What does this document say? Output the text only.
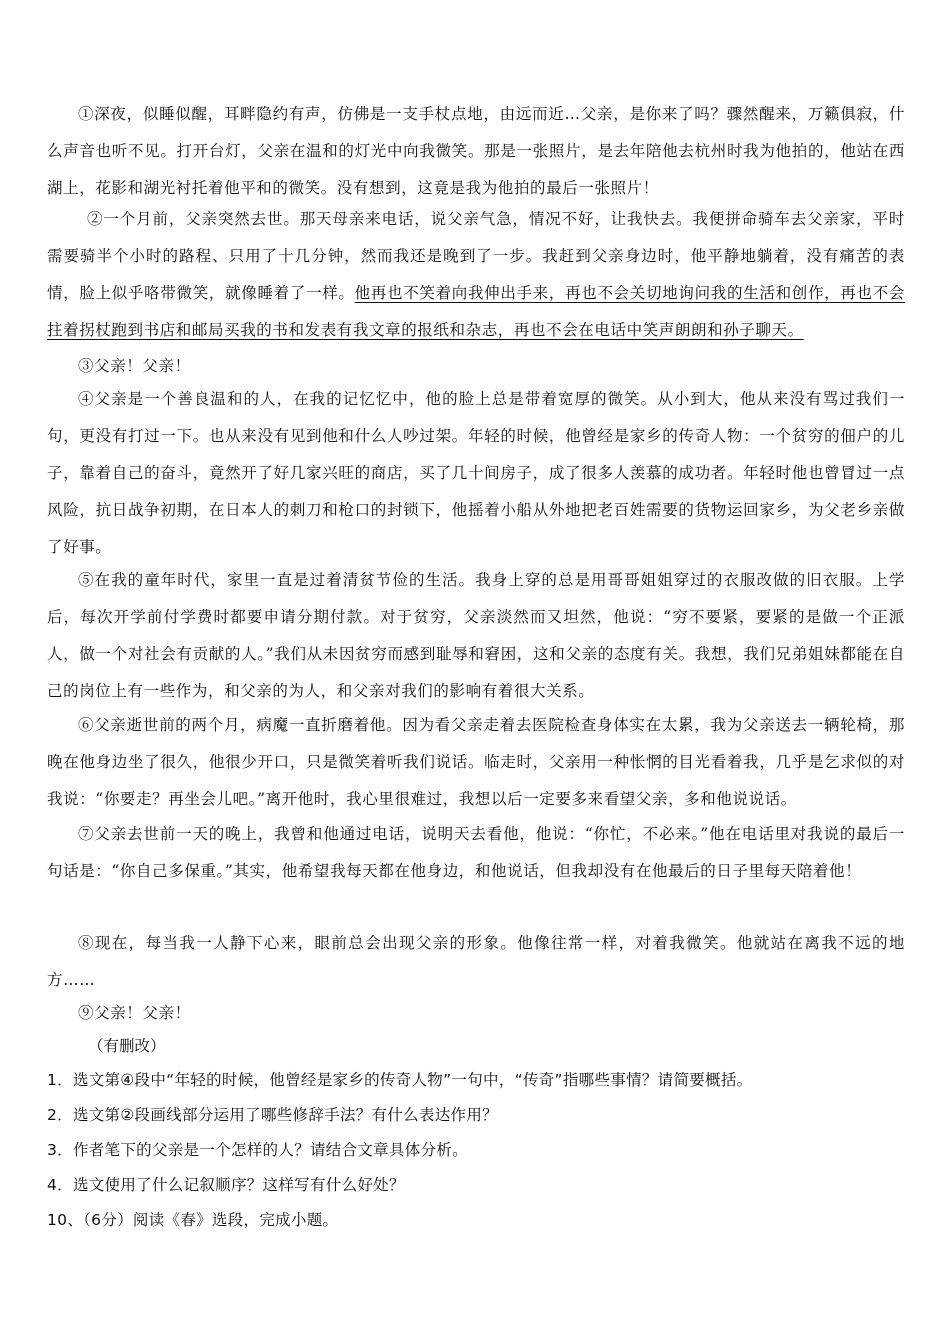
①深夜，似睡似醒，耳畔隐约有声，仿佛是一支手杖点地，由远而近…父亲，是你来了吗？骤然醒来，万籁俱寂，什么声音也听不见。打开台灯，父亲在温和的灯光中向我微笑。那是一张照片，是去年陪他去杭州时我为他拍的，他站在西湖上，花影和湖光衬托着他平和的微笑。没有想到，这竟是我为他拍的最后一张照片！

②一个月前，父亲突然去世。那天母亲来电话，说父亲气急，情况不好，让我快去。我便拼命骑车去父亲家，平时需要骑半个小时的路程、只用了十几分钟，然而我还是晚到了一步。我赶到父亲身边时，他平静地躺着，没有痛苦的表情，脸上似乎咯带微笑，就像睡着了一样。他再也不笑着向我伸出手来，再也不会关切地询问我的生活和创作，再也不会拄着拐杖跑到书店和邮局买我的书和发表有我文章的报纸和杂志，再也不会在电话中笑声朗朗和孙子聊天。

③父亲！父亲！

④父亲是一个善良温和的人，在我的记忆忆中，他的脸上总是带着宽厚的微笑。从小到大，他从来没有骂过我们一句，更没有打过一下。也从来没有见到他和什么人吵过架。年轻的时候，他曾经是家乡的传奇人物：一个贫穷的佃户的儿子，靠着自己的奋斗，竟然开了好几家兴旺的商店，买了几十间房子，成了很多人羡慕的成功者。年轻时他也曾冒过一点风险，抗日战争初期，在日本人的刺刀和枪口的封锁下，他摇着小船从外地把老百姓需要的货物运回家乡，为父老乡亲做了好事。

⑤在我的童年时代，家里一直是过着清贫节俭的生活。我身上穿的总是用哥哥姐姐穿过的衣服改做的旧衣服。上学后，每次开学前付学费时都要申请分期付款。对于贫穷，父亲淡然而又坦然，他说：“穷不要紧，要紧的是做一个正派人，做一个对社会有贡献的人。”我们从未因贫穷而感到耻辱和窘困，这和父亲的态度有关。我想，我们兄弟姐妹都能在自己的岗位上有一些作为，和父亲的为人，和父亲对我们的影响有着很大关系。

⑥父亲逝世前的两个月，病魔一直折磨着他。因为看父亲走着去医院检查身体实在太累，我为父亲送去一辆轮椅，那晚在他身边坐了很久，他很少开口，只是微笑着听我们说话。临走时，父亲用一种怅惘的目光看着我，几乎是乞求似的对我说：“你要走？再坐会儿吧。”离开他时，我心里很难过，我想以后一定要多来看望父亲，多和他说说话。

⑦父亲去世前一天的晚上，我曾和他通过电话，说明天去看他，他说：“你忙，不必来。”他在电话里对我说的最后一句话是：“你自己多保重。”其实，他希望我每天都在他身边，和他说话，但我却没有在他最后的日子里每天陪着他！

⑧现在，每当我一人静下心来，眼前总会出现父亲的形象。他像往常一样，对着我微笑。他就站在离我不远的地方……

⑨父亲！父亲！

（有删改）

1．选文第④段中“年轻的时候，他曾经是家乡的传奇人物”一句中，“传奇”指哪些事情？请简要概括。

2．选文第②段画线部分运用了哪些修辞手法？有什么表达作用？

3．作者笔下的父亲是一个怎样的人？请结合文章具体分析。

4．选文使用了什么记叙顺序？这样写有什么好处？

10、（6分）阅读《春》选段，完成小题。
